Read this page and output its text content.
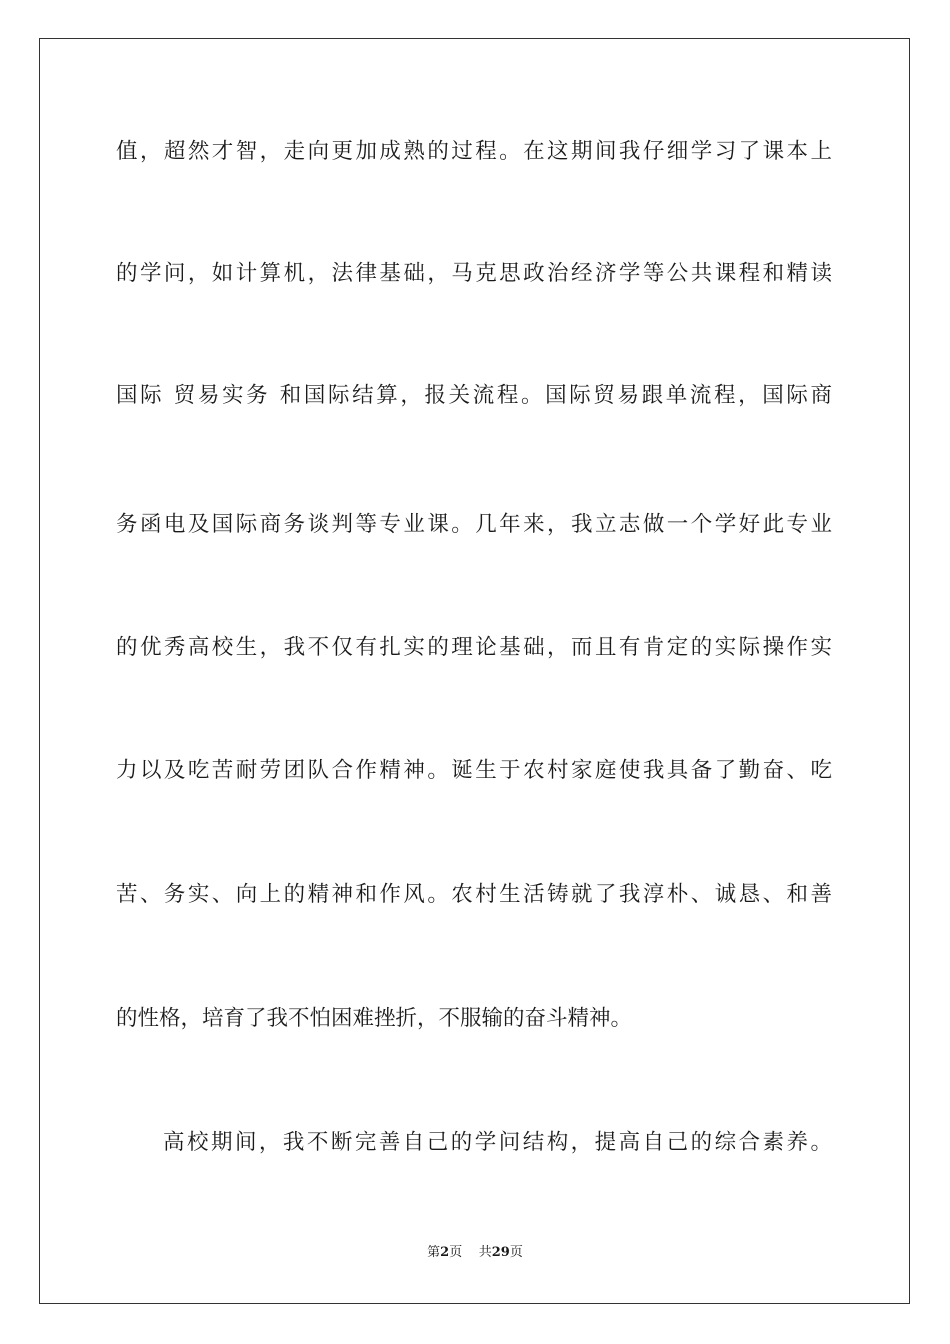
值，超然才智，走向更加成熟的过程。在这期间我仔细学习了课本上
的学问，如计算机，法律基础，马克思政治经济学等公共课程和精读
国际 贸易实务 和国际结算，报关流程。国际贸易跟单流程，国际商
务函电及国际商务谈判等专业课。几年来，我立志做一个学好此专业
的优秀高校生，我不仅有扎实的理论基础，而且有肯定的实际操作实
力以及吃苦耐劳团队合作精神。诞生于农村家庭使我具备了勤奋、吃
苦、务实、向上的精神和作风。农村生活铸就了我淳朴、诚恳、和善
的性格，培育了我不怕困难挫折，不服输的奋斗精神。
高校期间，我不断完善自己的学问结构，提高自己的综合素养。
第2页 共29页
